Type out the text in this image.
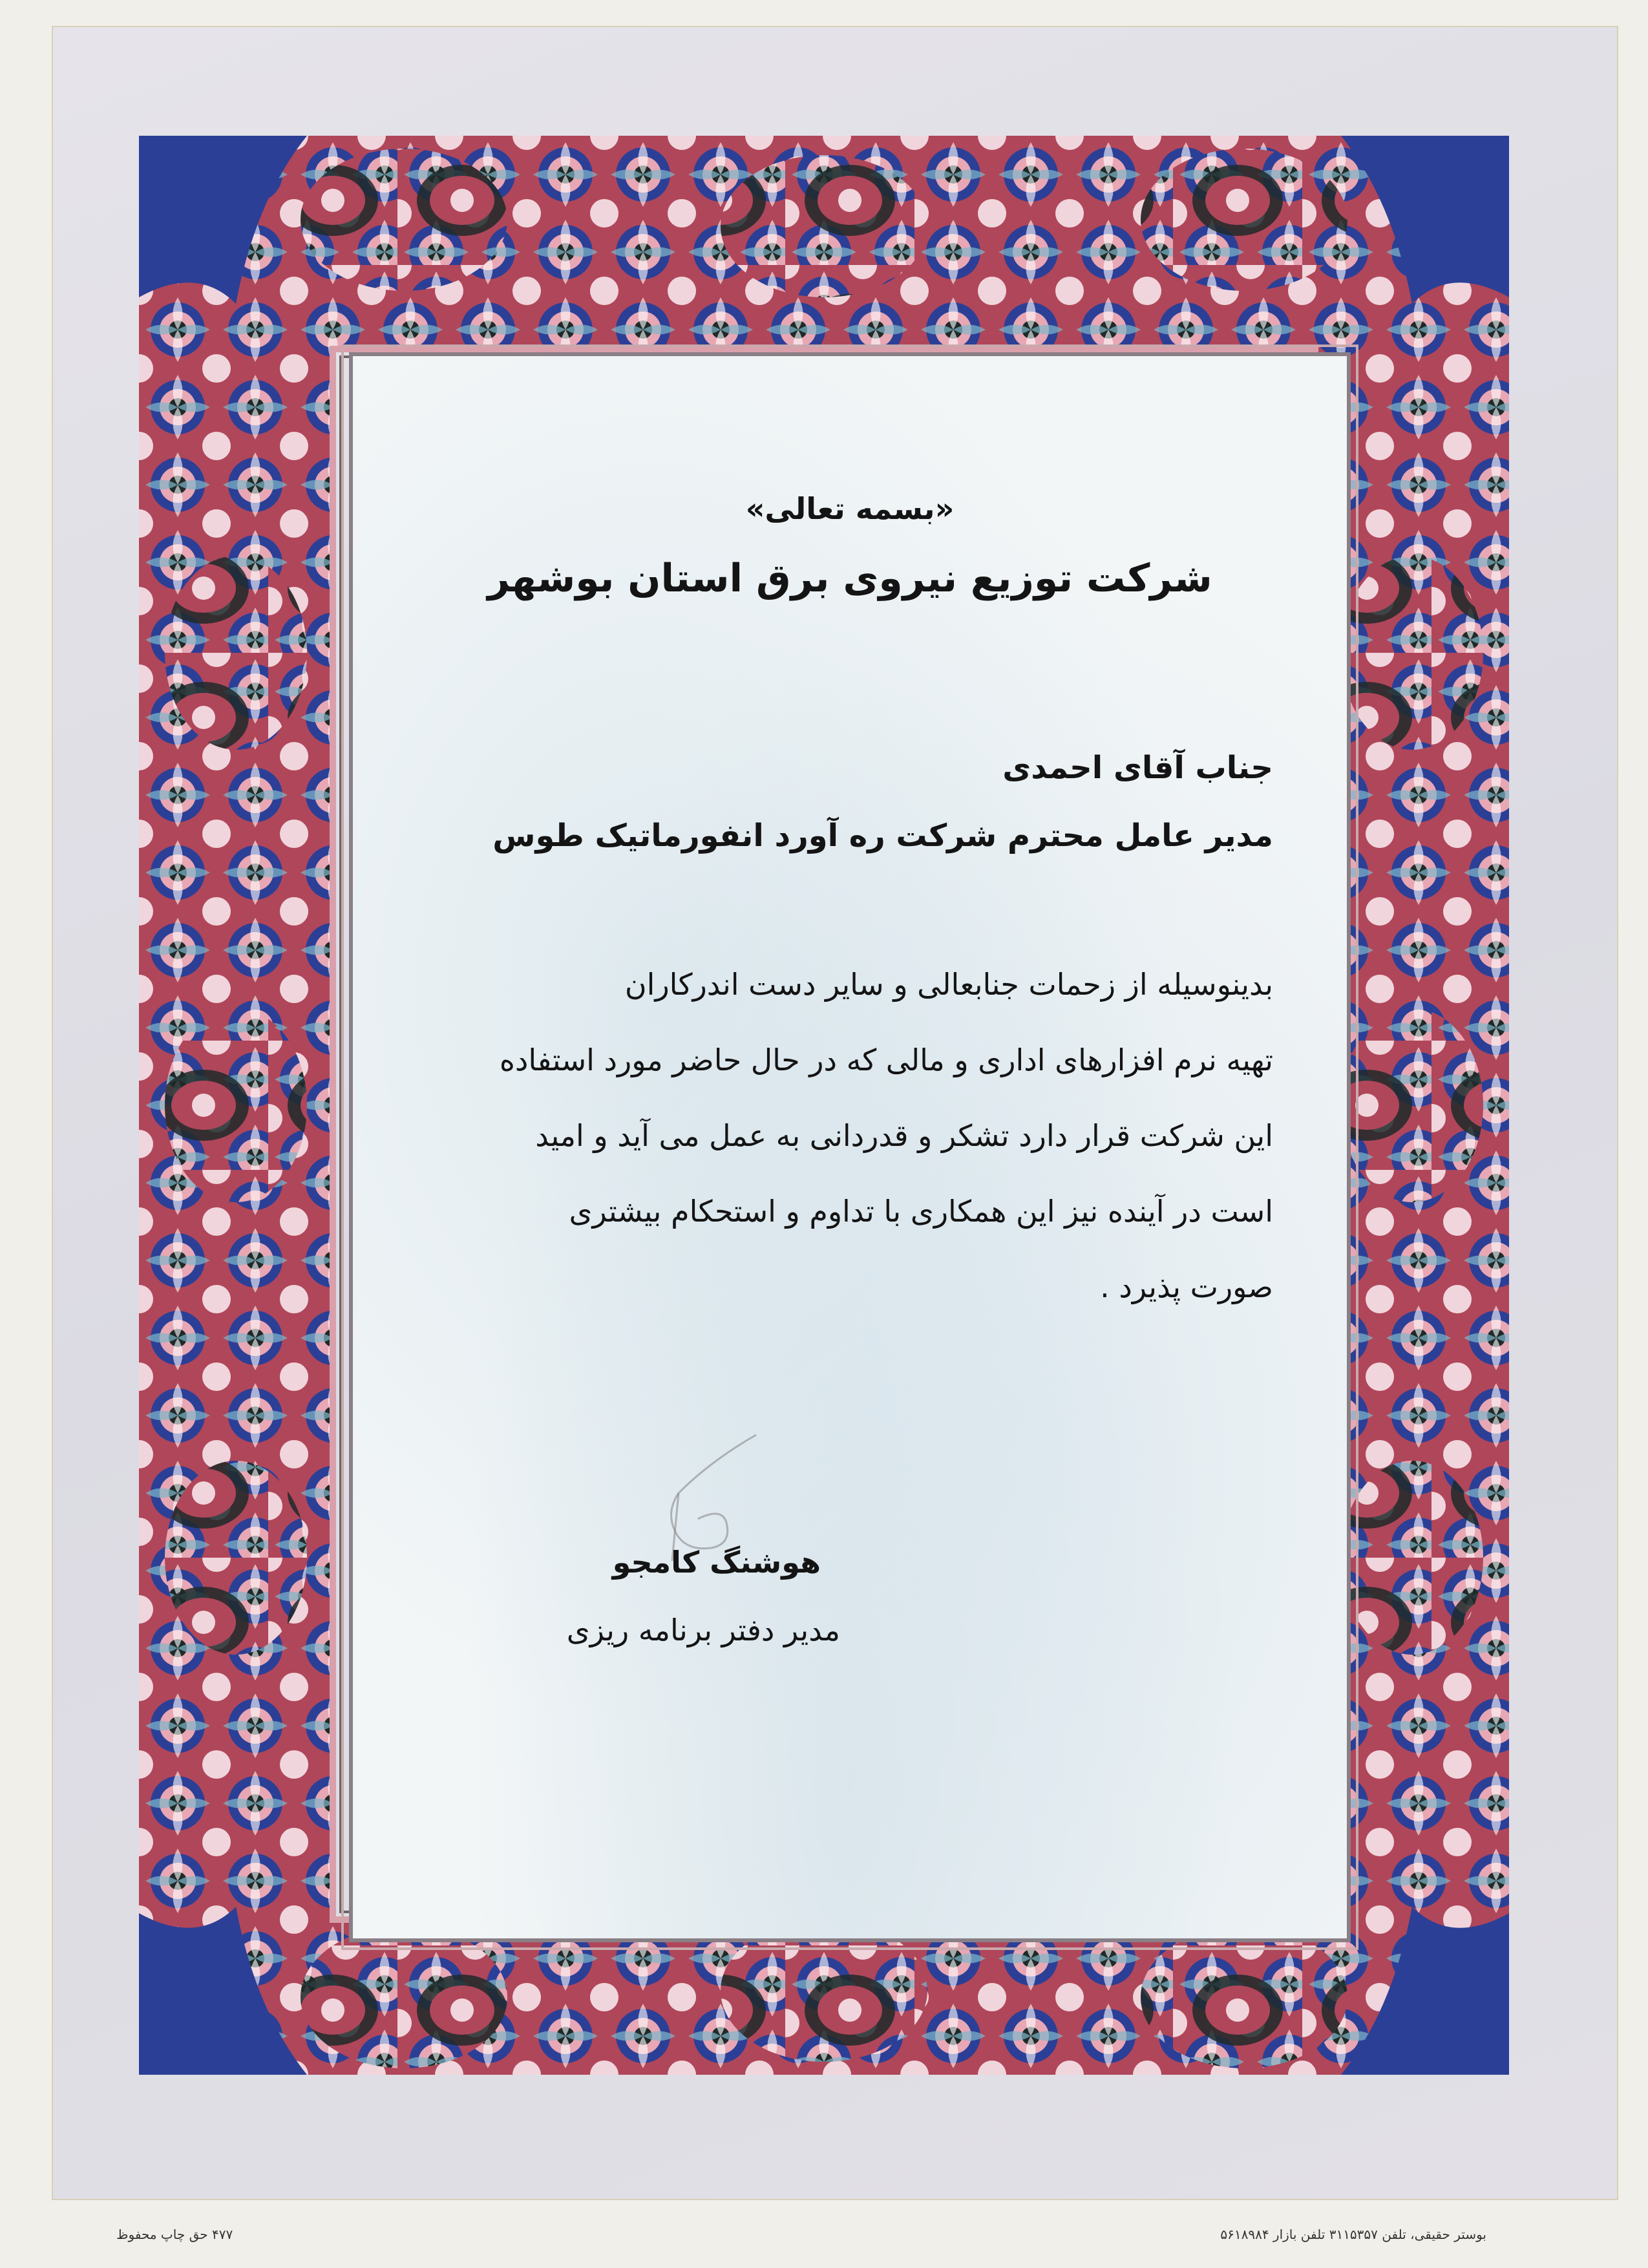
«بسمه تعالی»
شرکت توزیع نیروی برق استان بوشهر
جناب آقای احمدی
مدیر عامل محترم شرکت ره آورد انفورماتیک طوس
بدینوسیله از زحمات جنابعالی و سایر دست اندرکاران
تهیه نرم افزارهای اداری و مالی که در حال حاضر مورد استفاده
این شرکت قرار دارد تشکر و قدردانی به عمل می آید و امید
است در آینده نیز این همکاری با تداوم و استحکام بیشتری
صورت پذیرد .
هوشنگ کامجو
مدیر دفتر برنامه ریزی
بوستر حقیقی، تلفن ۳۱۱۵۳۵۷ تلفن بازار ۵۶۱۸۹۸۴
۴۷۷ حق چاپ محفوظ
